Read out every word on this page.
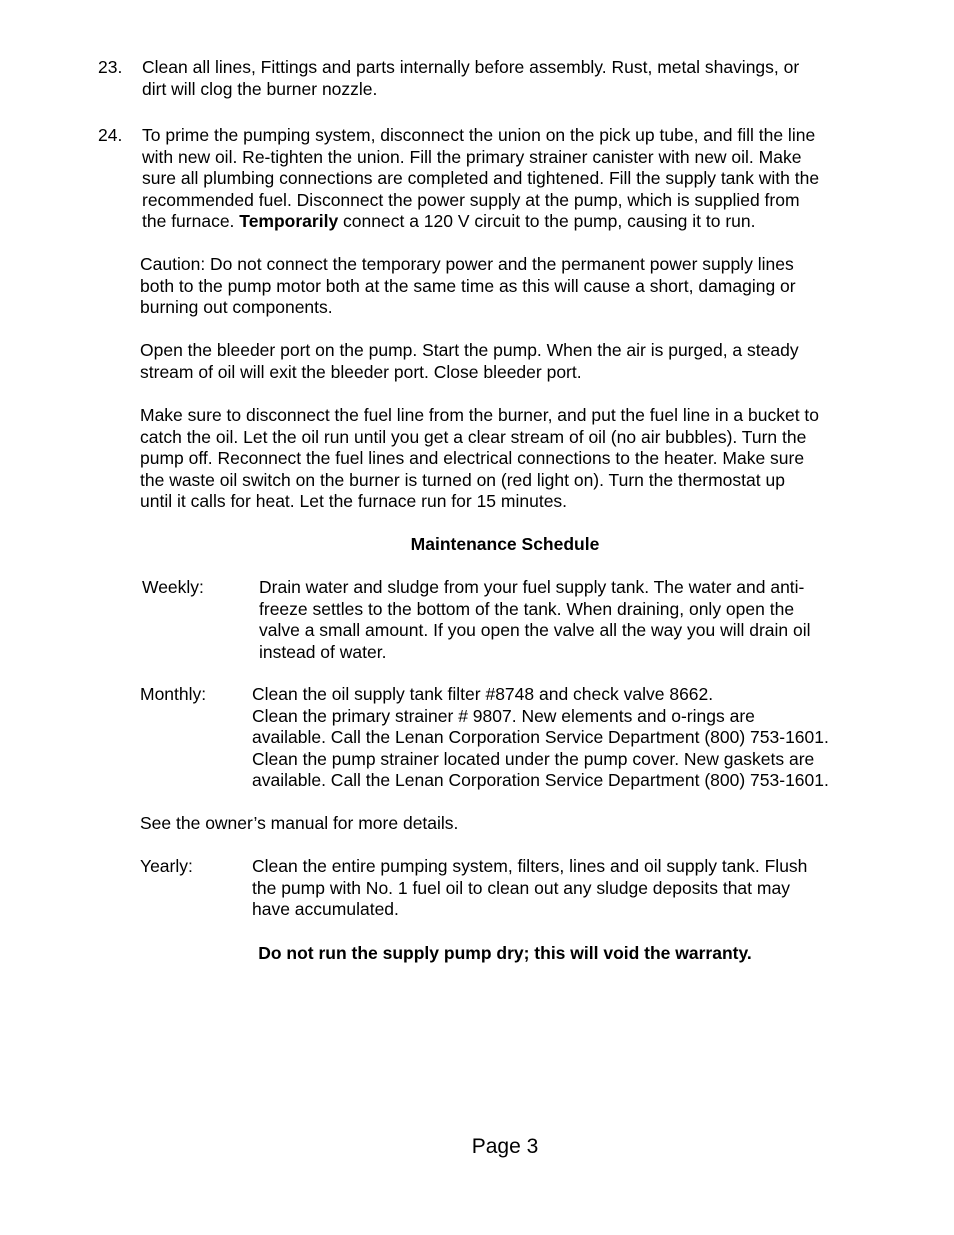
23. Clean all lines, Fittings and parts internally before assembly. Rust, metal shavings, or
dirt will clog the burner nozzle.
24. To prime the pumping system, disconnect the union on the pick up tube, and fill the line
with new oil. Re-tighten the union. Fill the primary strainer canister with new oil. Make
sure all plumbing connections are completed and tightened. Fill the supply tank with the
recommended fuel. Disconnect the power supply at the pump, which is supplied from
the furnace. Temporarily connect a 120 V circuit to the pump, causing it to run.
Caution: Do not connect the temporary power and the permanent power supply lines
both to the pump motor both at the same time as this will cause a short, damaging or
burning out components.
Open the bleeder port on the pump. Start the pump. When the air is purged, a steady
stream of oil will exit the bleeder port. Close bleeder port.
Make sure to disconnect the fuel line from the burner, and put the fuel line in a bucket to
catch the oil. Let the oil run until you get a clear stream of oil (no air bubbles). Turn the
pump off. Reconnect the fuel lines and electrical connections to the heater. Make sure
the waste oil switch on the burner is turned on (red light on). Turn the thermostat up
until it calls for heat. Let the furnace run for 15 minutes.
Maintenance Schedule
Weekly:	Drain water and sludge from your fuel supply tank. The water and anti-
freeze settles to the bottom of the tank. When draining, only open the
valve a small amount. If you open the valve all the way you will drain oil
instead of water.
Monthly:	Clean the oil supply tank filter #8748 and check valve 8662.
Clean the primary strainer # 9807. New elements and o-rings are
available. Call the Lenan Corporation Service Department (800) 753-1601.
Clean the pump strainer located under the pump cover. New gaskets are
available. Call the Lenan Corporation Service Department (800) 753-1601.
See the owner’s manual for more details.
Yearly:	Clean the entire pumping system, filters, lines and oil supply tank. Flush
the pump with No. 1 fuel oil to clean out any sludge deposits that may
have accumulated.
Do not run the supply pump dry; this will void the warranty.
Page 3
